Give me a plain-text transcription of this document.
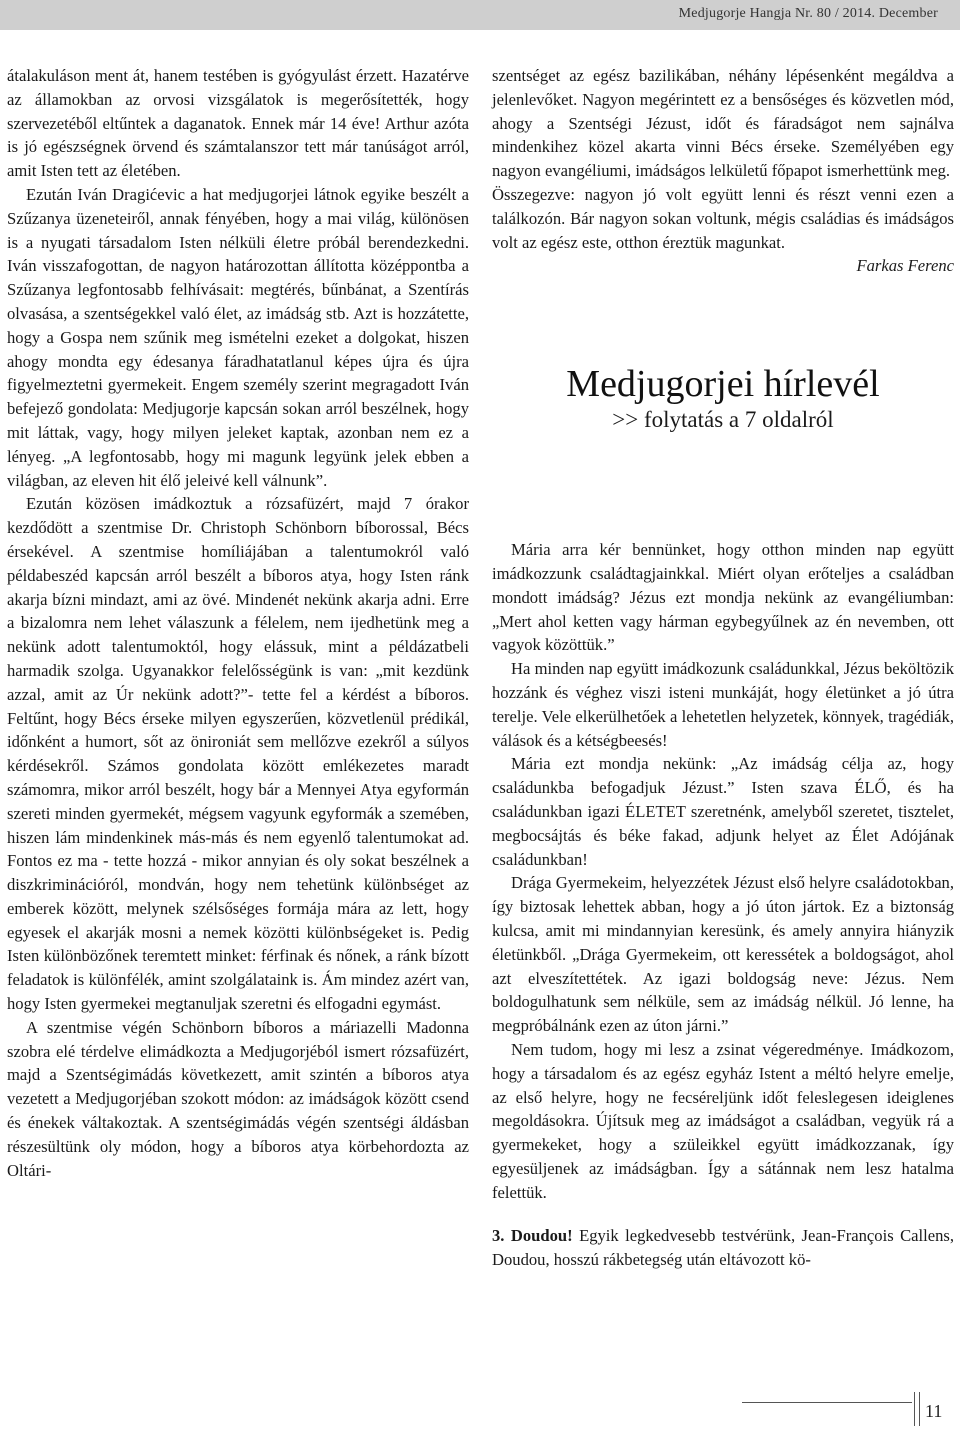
Medjugorje Hangja Nr. 80 / 2014. December

átalakuláson ment át, hanem testében is gyógyulást érzett. Hazatérve az államokban az orvosi vizsgálatok is megerősítették, hogy szervezetéből eltűntek a daganatok. Ennek már 14 éve! Arthur azóta is jó egészségnek örvend és számtalanszor tett már tanúságot arról, amit Isten tett az életében.

Ezután Iván Dragićevic a hat medjugorjei látnok egyike beszélt a Szűzanya üzeneteiről, annak fényében, hogy a mai világ, különösen is a nyugati társadalom Isten nélküli életre próbál berendezkedni. Iván visszafogottan, de nagyon határozottan állította középpontba a Szűzanya legfontosabb felhívásait: megtérés, bűnbánat, a Szentírás olvasása, a szentségekkel való élet, az imádság stb. Azt is hozzátette, hogy a Gospa nem szűnik meg ismételni ezeket a dolgokat, hiszen ahogy mondta egy édesanya fáradhatatlanul képes újra és újra figyelmeztetni gyermekeit. Engem személy szerint megragadott Iván befejező gondolata: Medjugorje kapcsán sokan arról beszélnek, hogy mit láttak, vagy, hogy milyen jeleket kaptak, azonban nem ez a lényeg. „A legfontosabb, hogy mi magunk legyünk jelek ebben a világban, az eleven hit élő jeleivé kell válnunk”.

Ezután közösen imádkoztuk a rózsafüzért, majd 7 órakor kezdődött a szentmise Dr. Christoph Schönborn bíborossal, Bécs érsekével. A szentmise homíliájában a talentumokról való példabeszéd kapcsán arról beszélt a bíboros atya, hogy Isten ránk akarja bízni mindazt, ami az övé. Mindenét nekünk akarja adni. Erre a bizalomra nem lehet válaszunk a félelem, nem ijedhetünk meg a nekünk adott talentumoktól, hogy elássuk, mint a példázatbeli harmadik szolga. Ugyanakkor felelősségünk is van: „mit kezdünk azzal, amit az Úr nekünk adott?”- tette fel a kérdést a bíboros. Feltűnt, hogy Bécs érseke milyen egyszerűen, közvetlenül prédikál, időnként a humort, sőt az önironiát sem mellőzve ezekről a súlyos kérdésekről. Számos gondolata között emlékezetes maradt számomra, mikor arról beszélt, hogy bár a Mennyei Atya egyformán szereti minden gyermekét, mégsem vagyunk egyformák a szemében, hiszen lám mindenkinek más-más és nem egyenlő talentumokat ad. Fontos ez ma - tette hozzá - mikor annyian és oly sokat beszélnek a diszkriminációról, mondván, hogy nem tehetünk különbséget az emberek között, melynek szélsőséges formája mára az lett, hogy egyesek el akarják mosni a nemek közötti különbségeket is. Pedig Isten különbözőnek teremtett minket: férfinak és nőnek, a ránk bízott feladatok is különfélék, amint szolgálataink is. Ám mindez azért van, hogy Isten gyermekei megtanuljak szeretni és elfogadni egymást.

A szentmise végén Schönborn bíboros a máriazelli Madonna szobra elé térdelve elimádkozta a Medjugorjéból ismert rózsafüzért, majd a Szentségimádás következett, amit szintén a bíboros atya vezetett a Medjugorjéban szokott módon: az imádságok között csend és énekek váltakoztak. A szentségimádás végén szentségi áldásban részesültünk oly módon, hogy a bíboros atya körbehordozta az Oltári-

szentséget az egész bazilikában, néhány lépésenként megáldva a jelenlevőket. Nagyon megérintett ez a bensőséges és közvetlen mód, ahogy a Szentségi Jézust, időt és fáradságot nem sajnálva mindenkihez közel akarta vinni Bécs érseke. Személyében egy nagyon evangéliumi, imádságos lelkületű főpapot ismerhettünk meg.

Összegezve: nagyon jó volt együtt lenni és részt venni ezen a találkozón. Bár nagyon sokan voltunk, mégis családias és imádságos volt az egész este, otthon éreztük magunkat.

Farkas Ferenc

Medjugorjei hírlevél

>> folytatás a 7 oldalról

Mária arra kér bennünket, hogy otthon minden nap együtt imádkozzunk családtagjainkkal. Miért olyan erőteljes a családban mondott imádság? Jézus ezt mondja nekünk az evangéliumban: „Mert ahol ketten vagy hárman egybegyűlnek az én nevemben, ott vagyok közöttük.”

Ha minden nap együtt imádkozunk családunkkal, Jézus beköltözik hozzánk és véghez viszi isteni munkáját, hogy életünket a jó útra terelje. Vele elkerülhetőek a lehetetlen helyzetek, könnyek, tragédiák, válások és a kétségbeesés!

Mária ezt mondja nekünk: „Az imádság célja az, hogy családunkba befogadjuk Jézust.” Isten szava ÉLŐ, és ha családunkban igazi ÉLETET szeretnénk, amelyből szeretet, tisztelet, megbocsájtás és béke fakad, adjunk helyet az Élet Adójának családunkban!

Drága Gyermekeim, helyezzétek Jézust első helyre családotokban, így biztosak lehettek abban, hogy a jó úton jártok. Ez a biztonság kulcsa, amit mi mindannyian keresünk, és amely annyira hiányzik életünkből. „Drága Gyermekeim, ott keressétek a boldogságot, ahol azt elveszítettétek. Az igazi boldogság neve: Jézus. Nem boldogulhatunk sem nélküle, sem az imádság nélkül. Jó lenne, ha megpróbálnánk ezen az úton járni.”

Nem tudom, hogy mi lesz a zsinat végeredménye. Imádkozom, hogy a társadalom és az egész egyház Istent a méltó helyre emelje, az első helyre, hogy ne fecséreljünk időt feleslegesen ideiglenes megoldásokra. Újítsuk meg az imádságot a családban, vegyük rá a gyermekeket, hogy a szüleikkel együtt imádkozzanak, így egyesüljenek az imádságban. Így a sátánnak nem lesz hatalma felettük.

3. Doudou! Egyik legkedvesebb testvérünk, Jean-François Callens, Doudou, hosszú rákbetegség után eltávozott kö-

11
